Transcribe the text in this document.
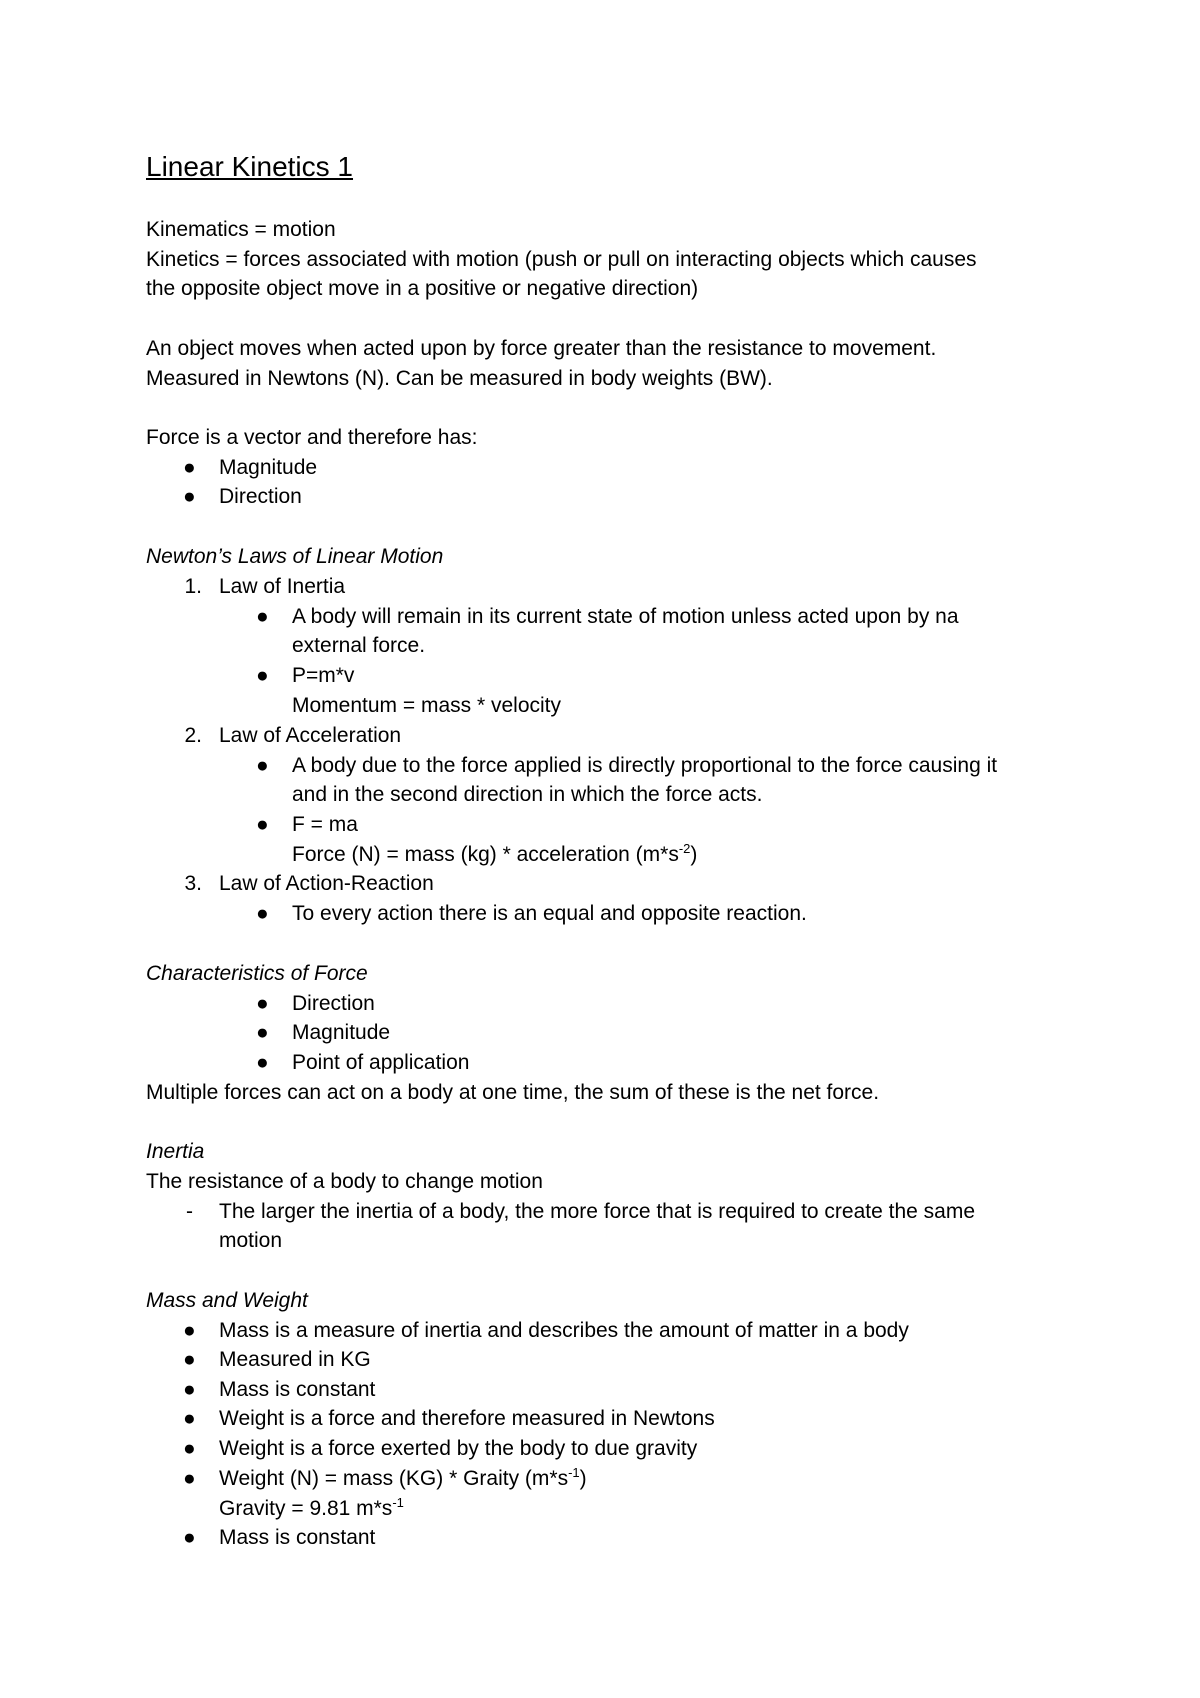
Linear Kinetics 1
Kinematics = motion
Kinetics = forces associated with motion (push or pull on interacting objects which causes
the opposite object move in a positive or negative direction)
An object moves when acted upon by force greater than the resistance to movement.
Measured in Newtons (N). Can be measured in body weights (BW).
Force is a vector and therefore has:
● Magnitude
● Direction
Newton’s Laws of Linear Motion
1. Law of Inertia
● A body will remain in its current state of motion unless acted upon by na
external force.
● P=m*v
Momentum = mass * velocity
2. Law of Acceleration
● A body due to the force applied is directly proportional to the force causing it
and in the second direction in which the force acts.
● F = ma
Force (N) = mass (kg) * acceleration $(m*s^{-2})$
3. Law of Action-Reaction
● To every action there is an equal and opposite reaction.
Characteristics of Force
● Direction
● Magnitude
● Point of application
Multiple forces can act on a body at one time, the sum of these is the net force.
Inertia
The resistance of a body to change motion
- The larger the inertia of a body, the more force that is required to create the same
motion
Mass and Weight
● Mass is a measure of inertia and describes the amount of matter in a body
● Measured in KG
● Mass is constant
● Weight is a force and therefore measured in Newtons
● Weight is a force exerted by the body to due gravity
● Weight (N) = mass (KG) * Graity $(m*s^{-1})$
Gravity = 9.81 $m*s^{-1}$
● Mass is constant
